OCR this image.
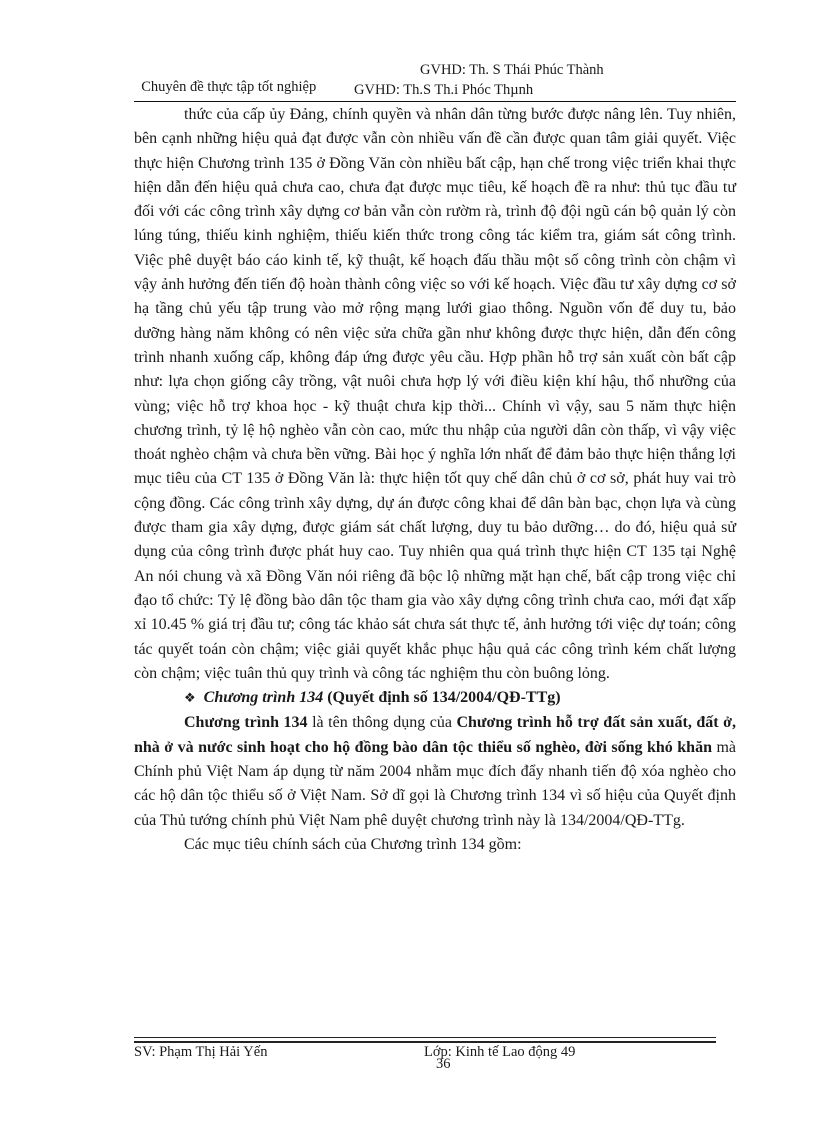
Chuyên đề thực tập tốt nghiệp

GVHD: Th. S Thái Phúc Thành

GVHD: Th.S Th.i Phóc Thµnh

thức của cấp ủy Đảng, chính quyền và nhân dân từng bước được nâng lên. Tuy nhiên, bên cạnh những hiệu quả đạt được vẫn còn nhiều vấn đề cần được quan tâm giải quyết. Việc thực hiện Chương trình 135 ở Đồng Văn còn nhiều bất cập, hạn chế trong việc triển khai thực hiện dẫn đến hiệu quả chưa cao, chưa đạt được mục tiêu, kế hoạch đề ra như: thủ tục đầu tư đối với các công trình xây dựng cơ bản vẫn còn rườm rà, trình độ đội ngũ cán bộ quản lý còn lúng túng, thiếu kinh nghiệm, thiếu kiến thức trong công tác kiểm tra, giám sát công trình. Việc phê duyệt báo cáo kinh tế, kỹ thuật, kế hoạch đấu thầu một số công trình còn chậm vì vậy ảnh hưởng đến tiến độ hoàn thành công việc so với kế hoạch. Việc đầu tư xây dựng cơ sở hạ tầng chủ yếu tập trung vào mở rộng mạng lưới giao thông. Nguồn vốn để duy tu, bảo dưỡng hàng năm không có nên việc sửa chữa gần như không được thực hiện, dẫn đến công trình nhanh xuống cấp, không đáp ứng được yêu cầu. Hợp phần hỗ trợ sản xuất còn bất cập như: lựa chọn giống cây trồng, vật nuôi chưa hợp lý với điều kiện khí hậu, thổ nhưỡng của vùng; việc hỗ trợ khoa học - kỹ thuật chưa kịp thời... Chính vì vậy, sau 5 năm thực hiện chương trình, tỷ lệ hộ nghèo vẫn còn cao, mức thu nhập của người dân còn thấp, vì vậy việc thoát nghèo chậm và chưa bền vững. Bài học ý nghĩa lớn nhất để đảm bảo thực hiện thắng lợi mục tiêu của CT 135 ở Đồng Văn là: thực hiện tốt quy chế dân chủ ở cơ sở, phát huy vai trò cộng đồng. Các công trình xây dựng, dự án được công khai để dân bàn bạc, chọn lựa và cùng được tham gia xây dựng, được giám sát chất lượng, duy tu bảo dưỡng… do đó, hiệu quả sử dụng của công trình được phát huy cao. Tuy nhiên qua quá trình thực hiện CT 135 tại Nghệ An nói chung và xã Đồng Văn nói riêng đã bộc lộ những mặt hạn chế, bất cập trong việc chỉ đạo tổ chức: Tỷ lệ đồng bào dân tộc tham gia vào xây dựng công trình chưa cao, mới đạt xấp xỉ 10.45 % giá trị đầu tư; công tác khảo sát chưa sát thực tế, ảnh hưởng tới việc dự toán; công tác quyết toán còn chậm; việc giải quyết khắc phục hậu quả các công trình kém chất lượng còn chậm; việc tuân thủ quy trình và công tác nghiệm thu còn buông lỏng.

❖ Chương trình 134 (Quyết định số 134/2004/QĐ-TTg)

Chương trình 134 là tên thông dụng của Chương trình hỗ trợ đất sản xuất, đất ở, nhà ở và nước sinh hoạt cho hộ đồng bào dân tộc thiểu số nghèo, đời sống khó khăn mà Chính phủ Việt Nam áp dụng từ năm 2004 nhằm mục đích đẩy nhanh tiến độ xóa nghèo cho các hộ dân tộc thiểu số ở Việt Nam. Sở dĩ gọi là Chương trình 134 vì số hiệu của Quyết định của Thủ tướng chính phủ Việt Nam phê duyệt chương trình này là 134/2004/QĐ-TTg.

Các mục tiêu chính sách của Chương trình 134 gồm:

SV: Phạm Thị Hải Yến	Lớp: Kinh tế Lao động 49
36
